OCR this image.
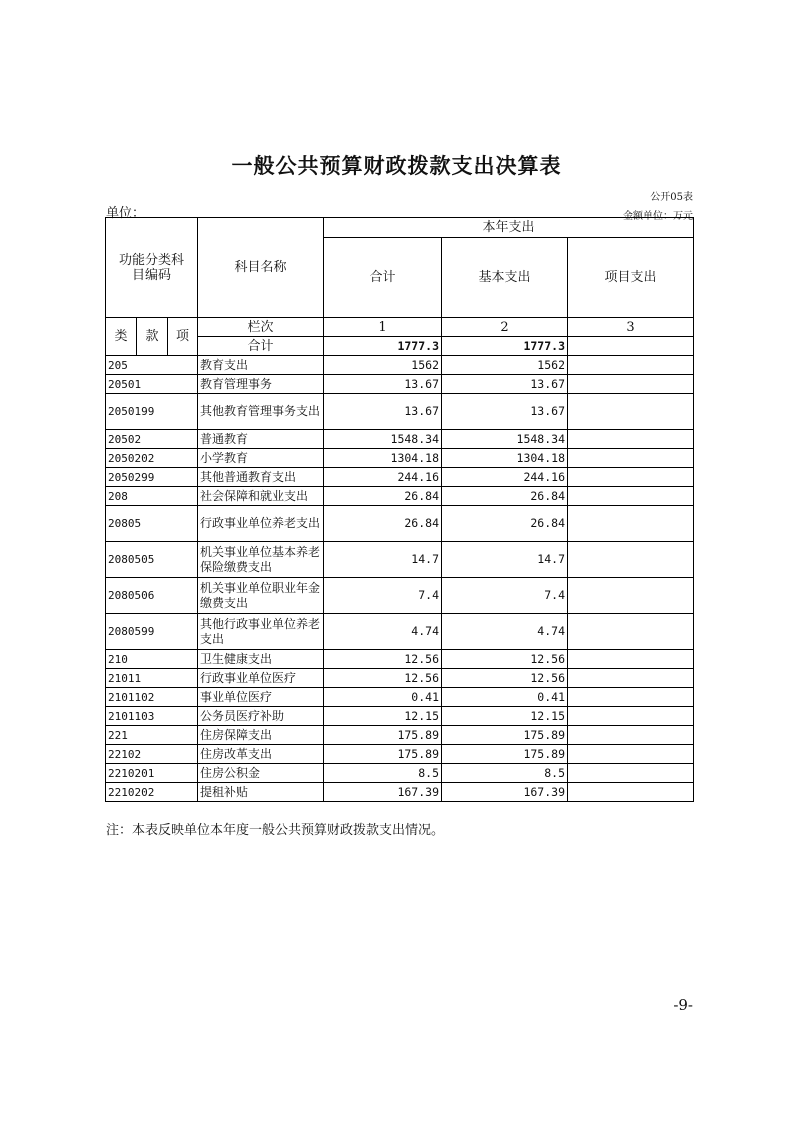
一般公共预算财政拨款支出决算表
公开05表
单位：	金额单位：万元
功能分类科目编码			科目名称	本年支出		
				合计	基本支出	项目支出
类	款	项	栏次	1	2	3
			合计	1777.3	1777.3	
205			教育支出	1562	1562	
20501			教育管理事务	13.67	13.67	
2050199			其他教育管理事务支出	13.67	13.67	
20502			普通教育	1548.34	1548.34	
2050202			小学教育	1304.18	1304.18	
2050299			其他普通教育支出	244.16	244.16	
208			社会保障和就业支出	26.84	26.84	
20805			行政事业单位养老支出	26.84	26.84	
2080505			机关事业单位基本养老保险缴费支出	14.7	14.7	
2080506			机关事业单位职业年金缴费支出	7.4	7.4	
2080599			其他行政事业单位养老支出	4.74	4.74	
210			卫生健康支出	12.56	12.56	
21011			行政事业单位医疗	12.56	12.56	
2101102			事业单位医疗	0.41	0.41	
2101103			公务员医疗补助	12.15	12.15	
221			住房保障支出	175.89	175.89	
22102			住房改革支出	175.89	175.89	
2210201			住房公积金	8.5	8.5	
2210202			提租补贴	167.39	167.39	
注：本表反映单位本年度一般公共预算财政拨款支出情况。
-9-
